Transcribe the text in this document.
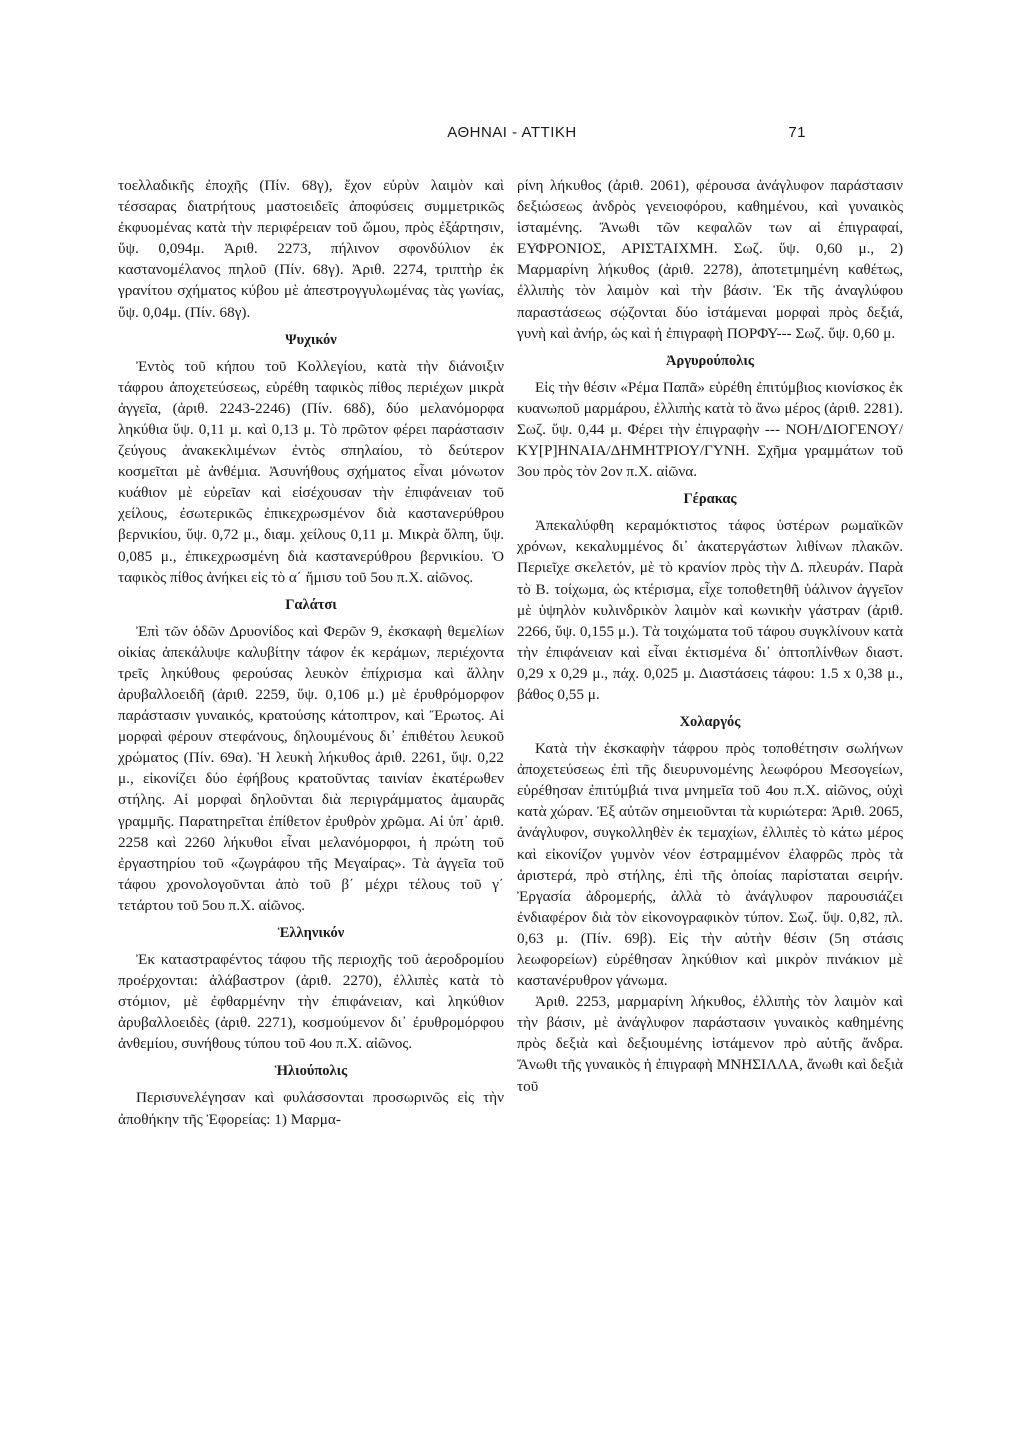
ΑΘΗΝΑΙ - ΑΤΤΙΚΗ	71

τοελλαδικῆς ἐποχῆς (Πίν. 68γ), ἔχον εὐρὺν λαιμὸν καὶ τέσσαρας διατρήτους μαστοειδεῖς ἀποφύσεις συμμετρικῶς ἐκφυομένας κατὰ τὴν περιφέρειαν τοῦ ὤμου, πρὸς ἐξάρτησιν, ὕψ. 0,094μ. Ἀριθ. 2273, πήλινον σφονδύλιον ἐκ καστανομέλανος πηλοῦ (Πίν. 68γ). Ἀριθ. 2274, τριπτὴρ ἐκ γρανίτου σχήματος κύβου μὲ ἀπεστρογγυλωμένας τὰς γωνίας, ὕψ. 0,04μ. (Πίν. 68γ).

Ψυχικόν

Ἐντὸς τοῦ κήπου τοῦ Κολλεγίου, κατὰ τὴν διάνοιξιν τάφρου ἀποχετεύσεως, εὑρέθη ταφικὸς πίθος περιέχων μικρὰ ἀγγεῖα, (ἀριθ. 2243-2246) (Πίν. 68δ), δύο μελανόμορφα ληκύθια ὕψ. 0,11 μ. καὶ 0,13 μ. Τὸ πρῶτον φέρει παράστασιν ζεύγους ἀνακεκλιμένων ἐντὸς σπηλαίου, τὸ δεύτερον κοσμεῖται μὲ ἀνθέμια. Ἀσυνήθους σχήματος εἶναι μόνωτον κυάθιον μὲ εὐρεῖαν καὶ εἰσέχουσαν τὴν ἐπιφάνειαν τοῦ χείλους, ἐσωτερικῶς ἐπικεχρωσμένον διὰ καστανερύθρου βερνικίου, ὕψ. 0,72 μ., διαμ. χείλους 0,11 μ. Μικρὰ ὄλπη, ὕψ. 0,085 μ., ἐπικεχρωσμένη διὰ καστανερύθρου βερνικίου. Ὁ ταφικὸς πίθος ἀνήκει εἰς τὸ α΄ ἥμισυ τοῦ 5ου π.Χ. αἰῶνος.

Γαλάτσι

Ἐπὶ τῶν ὁδῶν Δρυονίδος καὶ Φερῶν 9, ἐκσκαφὴ θεμελίων οἰκίας ἀπεκάλυψε καλυβίτην τάφον ἐκ κεράμων, περιέχοντα τρεῖς ληκύθους φερούσας λευκὸν ἐπίχρισμα καὶ ἄλλην ἀρυβαλλοειδῆ (ἀριθ. 2259, ὕψ. 0,106 μ.) μὲ ἐρυθρόμορφον παράστασιν γυναικός, κρατούσης κάτοπτρον, καὶ Ἔρωτος. Αἱ μορφαὶ φέρουν στεφάνους, δηλουμένους δι᾽ ἐπιθέτου λευκοῦ χρώματος (Πίν. 69α). Ἡ λευκὴ λήκυθος ἀριθ. 2261, ὕψ. 0,22 μ., εἰκονίζει δύο ἐφήβους κρατοῦντας ταινίαν ἑκατέρωθεν στήλης. Αἱ μορφαὶ δηλοῦνται διὰ περιγράμματος ἀμαυρᾶς γραμμῆς. Παρατηρεῖται ἐπίθετον ἐρυθρὸν χρῶμα. Αἱ ὑπ᾽ ἀριθ. 2258 καὶ 2260 λήκυθοι εἶναι μελανόμορφοι, ἡ πρώτη τοῦ ἐργαστηρίου τοῦ «ζωγράφου τῆς Μεγαίρας». Τὰ ἀγγεῖα τοῦ τάφου χρονολογοῦνται ἀπὸ τοῦ β΄ μέχρι τέλους τοῦ γ΄ τετάρτου τοῦ 5ου π.Χ. αἰῶνος.

Ἑλληνικόν

Ἐκ καταστραφέντος τάφου τῆς περιοχῆς τοῦ ἀεροδρομίου προέρχονται: ἀλάβαστρον (ἀριθ. 2270), ἐλλιπὲς κατὰ τὸ στόμιον, μὲ ἐφθαρμένην τὴν ἐπιφάνειαν, καὶ ληκύθιον ἀρυβαλλοειδὲς (ἀριθ. 2271), κοσμούμενον δι᾽ ἐρυθρομόρφου ἀνθεμίου, συνήθους τύπου τοῦ 4ου π.Χ. αἰῶνος.

Ἡλιούπολις

Περισυνελέγησαν καὶ φυλάσσονται προσωρινῶς εἰς τὴν ἀποθήκην τῆς Ἐφορείας: 1) Μαρμα-

ρίνη λήκυθος (ἀριθ. 2061), φέρουσα ἀνάγλυφον παράστασιν δεξιώσεως ἀνδρὸς γενειοφόρου, καθημένου, καὶ γυναικὸς ἱσταμένης. Ἄνωθι τῶν κεφαλῶν των αἱ ἐπιγραφαί, ΕΥΦΡΟΝΙΟΣ, ΑΡΙΣΤΑΙΧΜΗ. Σωζ. ὕψ. 0,60 μ., 2) Μαρμαρίνη λήκυθος (ἀριθ. 2278), ἀποτετμημένη καθέτως, ἐλλιπὴς τὸν λαιμὸν καὶ τὴν βάσιν. Ἐκ τῆς ἀναγλύφου παραστάσεως σῴζονται δύο ἱστάμεναι μορφαὶ πρὸς δεξιά, γυνὴ καὶ ἀνήρ, ὡς καὶ ἡ ἐπιγραφὴ ΠΟΡΦΥ--- Σωζ. ὕψ. 0,60 μ.

Ἀργυρούπολις

Εἰς τὴν θέσιν «Ρέμα Παπᾶ» εὑρέθη ἐπιτύμβιος κιονίσκος ἐκ κυανωποῦ μαρμάρου, ἐλλιπὴς κατὰ τὸ ἄνω μέρος (ἀριθ. 2281). Σωζ. ὕψ. 0,44 μ. Φέρει τὴν ἐπιγραφὴν --- ΝΟΗ/ΔΙΟΓΕΝΟΥ/ΚΥ[Ρ]ΗΝΑΙΑ/ΔΗΜΗΤΡΙΟΥ/ΓΥΝΗ. Σχῆμα γραμμάτων τοῦ 3ου πρὸς τὸν 2ον π.Χ. αἰῶνα.

Γέρακας

Ἀπεκαλύφθη κεραμόκτιστος τάφος ὑστέρων ρωμαϊκῶν χρόνων, κεκαλυμμένος δι᾽ ἀκατεργάστων λιθίνων πλακῶν. Περιεῖχε σκελετόν, μὲ τὸ κρανίον πρὸς τὴν Δ. πλευράν. Παρὰ τὸ Β. τοίχωμα, ὡς κτέρισμα, εἶχε τοποθετηθῆ ὑάλινον ἀγγεῖον μὲ ὑψηλὸν κυλινδρικὸν λαιμὸν καὶ κωνικὴν γάστραν (ἀριθ. 2266, ὕψ. 0,155 μ.). Τὰ τοιχώματα τοῦ τάφου συγκλίνουν κατὰ τὴν ἐπιφάνειαν καὶ εἶναι ἐκτισμένα δι᾽ ὀπτοπλίνθων διαστ. 0,29 x 0,29 μ., πάχ. 0,025 μ. Διαστάσεις τάφου: 1.5 x 0,38 μ., βάθος 0,55 μ.

Χολαργός

Κατὰ τὴν ἐκσκαφὴν τάφρου πρὸς τοποθέτησιν σωλήνων ἀποχετεύσεως ἐπὶ τῆς διευρυνομένης λεωφόρου Μεσογείων, εὑρέθησαν ἐπιτύμβιά τινα μνημεῖα τοῦ 4ου π.Χ. αἰῶνος, οὐχὶ κατὰ χώραν. Ἐξ αὐτῶν σημειοῦνται τὰ κυριώτερα: Ἀριθ. 2065, ἀνάγλυφον, συγκολληθὲν ἐκ τεμαχίων, ἐλλιπὲς τὸ κάτω μέρος καὶ εἰκονίζον γυμνὸν νέον ἐστραμμένον ἐλαφρῶς πρὸς τὰ ἀριστερά, πρὸ στήλης, ἐπὶ τῆς ὁποίας παρίσταται σειρήν. Ἐργασία ἀδρομερής, ἀλλὰ τὸ ἀνάγλυφον παρουσιάζει ἐνδιαφέρον διὰ τὸν εἰκονογραφικὸν τύπον. Σωζ. ὕψ. 0,82, πλ. 0,63 μ. (Πίν. 69β). Εἰς τὴν αὐτὴν θέσιν (5η στάσις λεωφορείων) εὑρέθησαν ληκύθιον καὶ μικρὸν πινάκιον μὲ καστανέρυθρον γάνωμα.

Ἀριθ. 2253, μαρμαρίνη λήκυθος, ἐλλιπὴς τὸν λαιμὸν καὶ τὴν βάσιν, μὲ ἀνάγλυφον παράστασιν γυναικὸς καθημένης πρὸς δεξιὰ καὶ δεξιουμένης ἱστάμενον πρὸ αὐτῆς ἄνδρα. Ἄνωθι τῆς γυναικὸς ἡ ἐπιγραφὴ ΜΝΗΣΙΛΛΑ, ἄνωθι καὶ δεξιὰ τοῦ
